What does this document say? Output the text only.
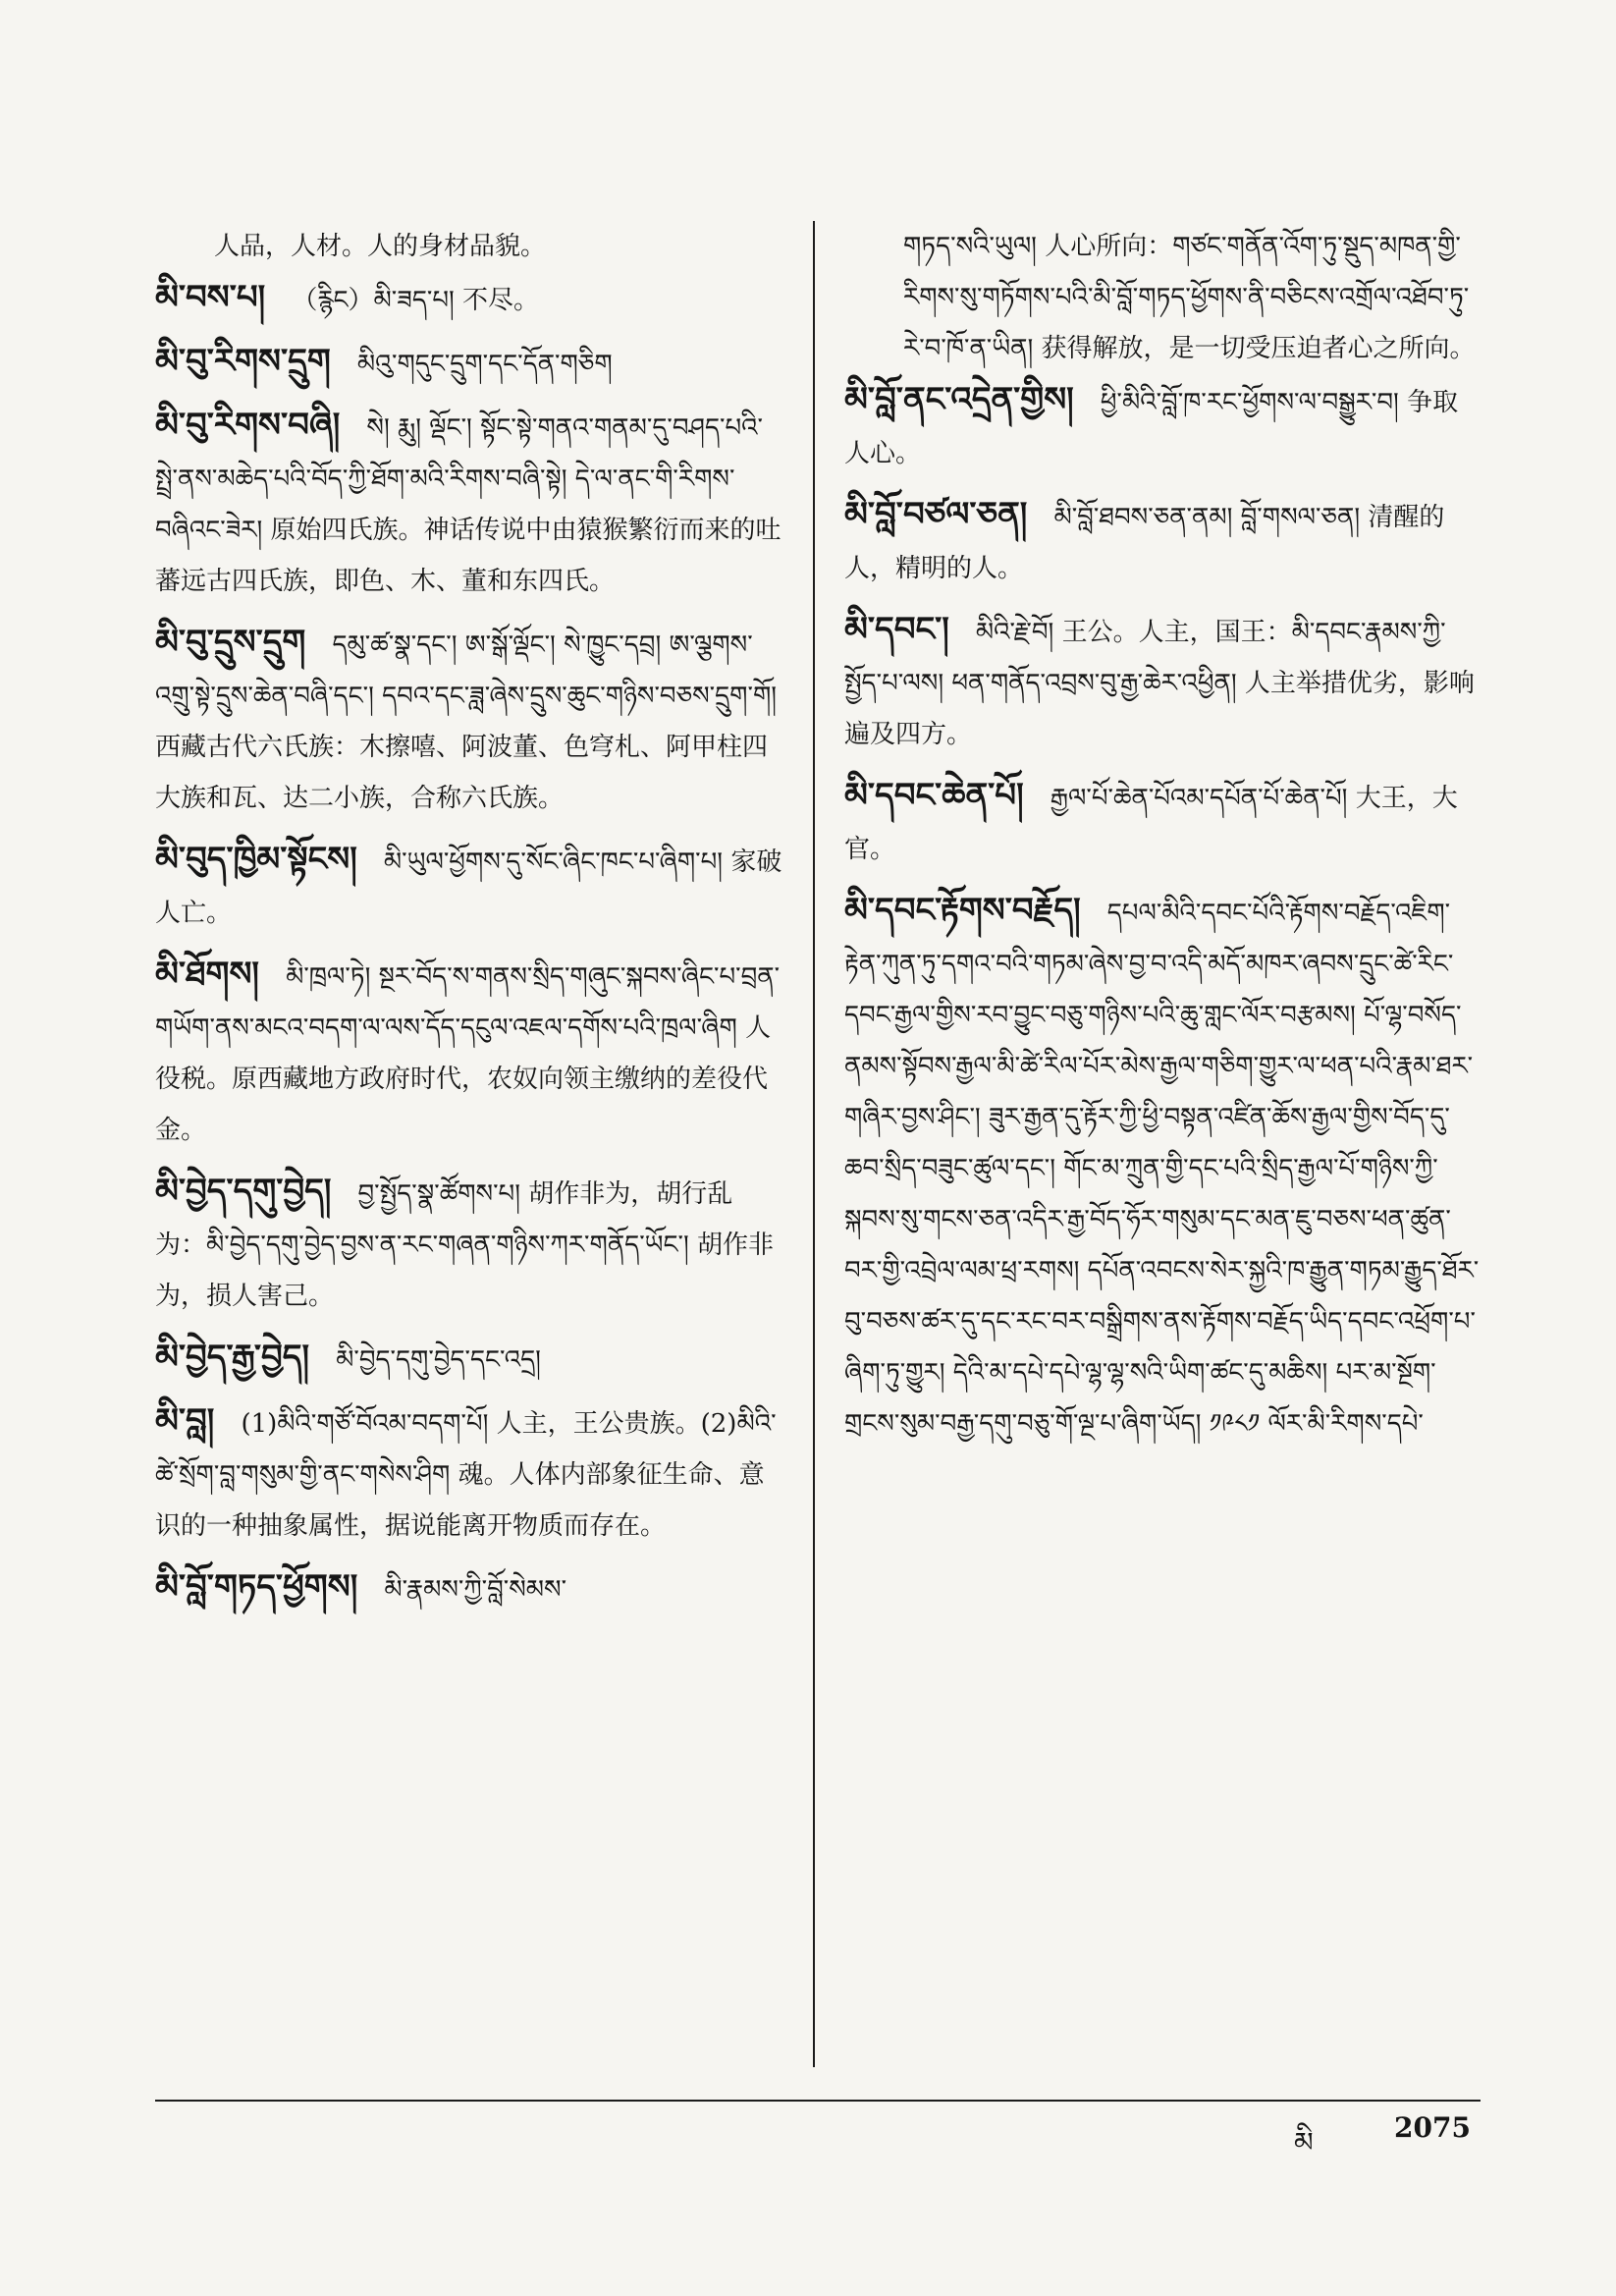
人品，人材。人的身材品貌。
མི་བས་པ། （རྙིང）མི་ཟད་པ། 不尽。
མི་བུ་རིགས་དྲུག མིའུ་གདུང་དྲུག་དང་དོན་གཅིག
མི་བུ་རིགས་བཞི། སེ། རྨུ། ལྡོང་། སྟོང་སྟེ་གནའ་གནམ་དུ་བཤད་པའི་སྤྲེ་ནས་མཆེད་པའི་བོད་ཀྱི་ཐོག་མའི་རིགས་བཞི་སྟེ། དེ་ལ་ནང་གི་རིགས་བཞིའང་ཟེར། 原始四氏族。神话传说中由猿猴繁衍而来的吐蕃远古四氏族，即色、木、董和东四氏。
མི་བུ་དྲུས་དྲུག དམུ་ཚ་སྣ་དང་། ཨ་སྒོ་ལྡོང་། སེ་ཁྱུང་དབྲ། ཨ་ལྕགས་འགྲུ་སྟེ་དྲུས་ཆེན་བཞི་དང་། དབའ་དང་ཟླ་ཞེས་དྲུས་ཆུང་གཉིས་བཅས་དྲུག་གོ། 西藏古代六氏族：木擦嘻、阿波董、色穹札、阿甲柱四大族和瓦、达二小族，合称六氏族。
མི་བུད་ཁྱིམ་སྟོངས། མི་ཡུལ་ཕྱོགས་དུ་སོང་ཞིང་ཁང་པ་ཞིག་པ། 家破人亡。
མི་ཐོགས། མི་ཁྲལ་ཏེ། སྔར་བོད་ས་གནས་སྲིད་གཞུང་སྐབས་ཞིང་པ་བྲན་གཡོག་ནས་མངའ་བདག་ལ་ལས་དོད་དངུལ་འཇལ་དགོས་པའི་ཁྲལ་ཞིག 人役税。原西藏地方政府时代，农奴向领主缴纳的差役代金。
མི་བྱེད་དགུ་བྱེད། བྱ་སྤྱོད་སྣ་ཚོགས་པ། 胡作非为，胡行乱为：མི་བྱེད་དགུ་བྱེད་བྱས་ན་རང་གཞན་གཉིས་ཀར་གནོད་ཡོང་། 胡作非为，损人害己。
མི་བྱེད་རྒྱ་བྱེད། མི་བྱེད་དགུ་བྱེད་དང་འདྲ།
མི་བླ། (1)མིའི་གཙོ་བོའམ་བདག་པོ། 人主，王公贵族。(2)མིའི་ཚེ་སྲོག་བླ་གསུམ་གྱི་ནང་གསེས་ཤིག 魂。人体内部象征生命、意识的一种抽象属性，据说能离开物质而存在。
མི་བློ་གཏད་ཕྱོགས། མི་རྣམས་ཀྱི་བློ་སེམས་
གཏད་སའི་ཡུལ། 人心所向：གཙང་གནོན་འོག་ཏུ་སྡུད་མཁན་གྱི་རིགས་སུ་གཏོགས་པའི་མི་བློ་གཏད་ཕྱོགས་ནི་བཅིངས་འགྲོལ་འཐོབ་ཏུ་རེ་བ་ཁོ་ན་ཡིན། 获得解放，是一切受压迫者心之所向。
མི་བློ་ནང་འདྲེན་གྱིས། ཕྱི་མིའི་བློ་ཁ་རང་ཕྱོགས་ལ་བསྒྱུར་བ། 争取人心。
མི་བློ་བཙལ་ཅན། མི་བློ་ཐབས་ཅན་ནམ། བློ་གསལ་ཅན། 清醒的人，精明的人。
མི་དབང་། མིའི་རྗེ་བོ། 王公。人主，国王：མི་དབང་རྣམས་ཀྱི་སྤྱོད་པ་ལས། ཕན་གནོད་འབྲས་བུ་རྒྱ་ཆེར་འཕྱིན། 人主举措优劣，影响遍及四方。
མི་དབང་ཆེན་པོ། རྒྱལ་པོ་ཆེན་པོའམ་དཔོན་པོ་ཆེན་པོ། 大王，大官。
མི་དབང་རྟོགས་བརྗོད། དཔལ་མིའི་དབང་པོའི་རྟོགས་བརྗོད་འཇིག་རྟེན་ཀུན་ཏུ་དགའ་བའི་གཏམ་ཞེས་བྱ་བ་འདི་མདོ་མཁར་ཞབས་དྲུང་ཚེ་རིང་དབང་རྒྱལ་གྱིས་རབ་བྱུང་བཅུ་གཉིས་པའི་ཆུ་གླང་ལོར་བརྩམས། པོ་ལྷ་བསོད་ནམས་སྟོབས་རྒྱལ་མི་ཚེ་རིལ་པོར་མེས་རྒྱལ་གཅིག་གྱུར་ལ་ཕན་པའི་རྣམ་ཐར་གཞིར་བྱས་ཤིང་། ཟུར་རྒྱན་དུ་རྟོར་ཀྱི་ཕྱི་བསྟན་འཛིན་ཆོས་རྒྱལ་གྱིས་བོད་དུ་ཆབ་སྲིད་བཟུང་ཚུལ་དང་། གོང་མ་ཀྲུན་གྱི་དང་པའི་སྲིད་རྒྱལ་པོ་གཉིས་ཀྱི་སྐབས་སུ་གངས་ཅན་འདིར་རྒྱ་བོད་ཧོར་གསུམ་དང་མན་ཇུ་བཅས་ཕན་ཚུན་བར་གྱི་འབྲེལ་ལམ་ཕྲ་རགས། དཔོན་འབངས་སེར་སྐྱའི་ཁ་རྒྱུན་གཏམ་རྒྱུད་ཐོར་བུ་བཅས་ཚར་དུ་དང་རང་བར་བསྒྲིགས་ནས་རྟོགས་བརྗོད་ཡིད་དབང་འཕྲོག་པ་ཞིག་ཏུ་གྱུར། དེའི་མ་དཔེ་དཔེ་ལྷ་ལྷ་སའི་ཡིག་ཚང་དུ་མཆིས། པར་མ་སྔོག་གྲངས་སུམ་བརྒྱ་དགུ་བཅུ་གོ་ལྔ་པ་ཞིག་ཡོད། ༡༩༨༡ ལོར་མི་རིགས་དཔེ་
མི	2075
